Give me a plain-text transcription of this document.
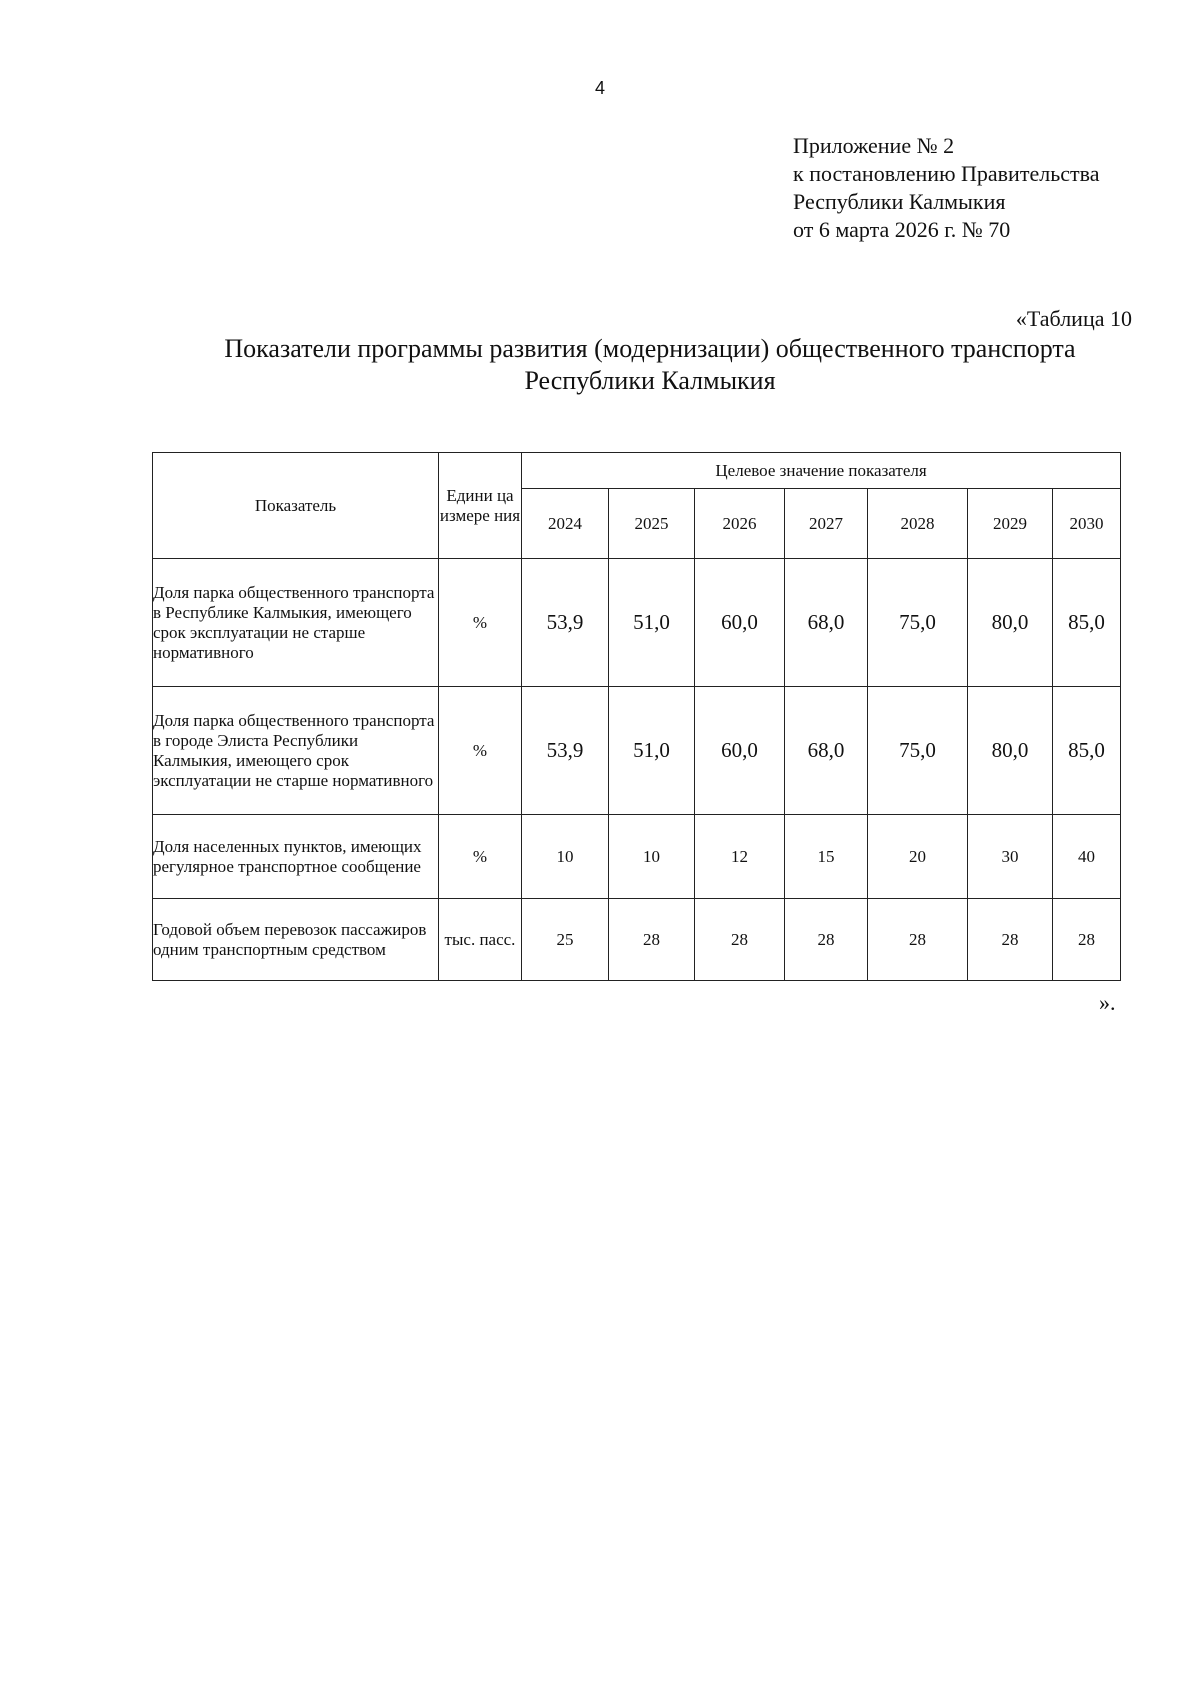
4
Приложение № 2
к постановлению Правительства
Республики Калмыкия
от 6 марта 2026 г. № 70
«Таблица 10
Показатели программы развития (модернизации) общественного транспорта
Республики Калмыкия
Показатель	Едини ца измере ния	Целевое значение показателя						
		2024	2025	2026	2027	2028	2029	2030
Доля парка общественного транспорта в Республике Калмыкия, имеющего срок эксплуатации не старше нормативного	%	53,9	51,0	60,0	68,0	75,0	80,0	85,0
Доля парка общественного транспорта в городе Элиста Республики Калмыкия, имеющего срок эксплуатации не старше нормативного	%	53,9	51,0	60,0	68,0	75,0	80,0	85,0
Доля населенных пунктов, имеющих регулярное транспортное сообщение	%	10	10	12	15	20	30	40
Годовой объем перевозок пассажиров одним транспортным средством	тыс. пасс.	25	28	28	28	28	28	28
».
